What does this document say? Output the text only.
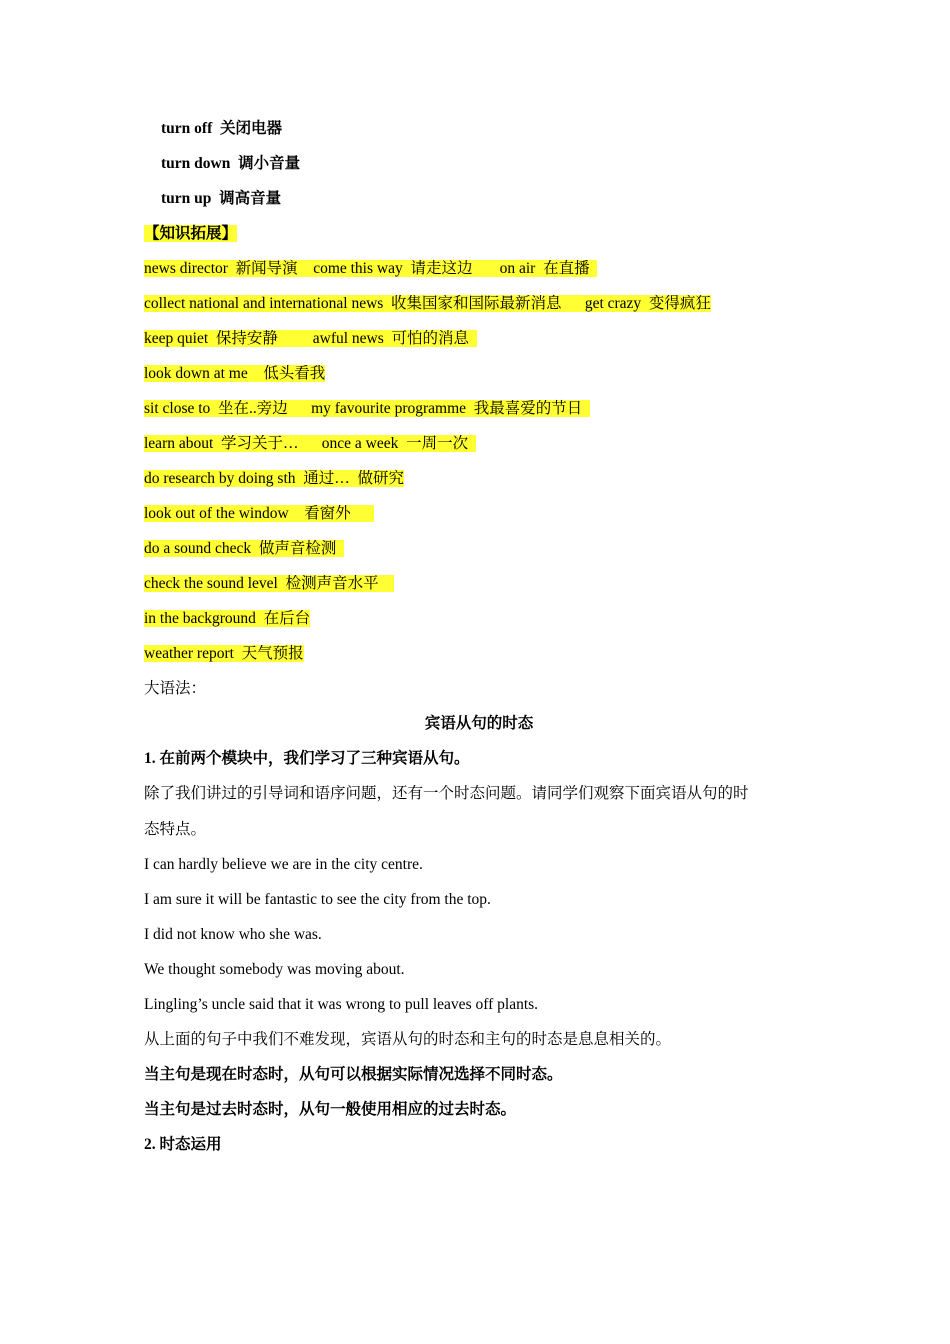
turn off 关闭电器
turn down 调小音量
turn up 调高音量
【知识拓展】
news director  新闻导演 come this way  请走这边 on air  在直播
collect national and international news  收集国家和国际最新消息 get crazy  变得疯狂
keep quiet  保持安静 awful news  可怕的消息
look down at me    低头看我
sit close to  坐在..旁边 my favourite programme  我最喜爱的节日
learn about  学习关于… once a week  一周一次
do research by doing sth  通过…  做研究
look out of the window    看窗外
do a sound check  做声音检测
check the sound level  检测声音水平
in the background  在后台
weather report  天气预报
大语法：
宾语从句的时态
1. 在前两个模块中，我们学习了三种宾语从句。
除了我们讲过的引导词和语序问题，还有一个时态问题。请同学们观察下面宾语从句的时
态特点。
I can hardly believe we are in the city centre.
I am sure it will be fantastic to see the city from the top.
I did not know who she was.
We thought somebody was moving about.
Lingling’s uncle said that it was wrong to pull leaves off plants.
从上面的句子中我们不难发现，宾语从句的时态和主句的时态是息息相关的。
当主句是现在时态时，从句可以根据实际情况选择不同时态。
当主句是过去时态时，从句一般使用相应的过去时态。
2. 时态运用
